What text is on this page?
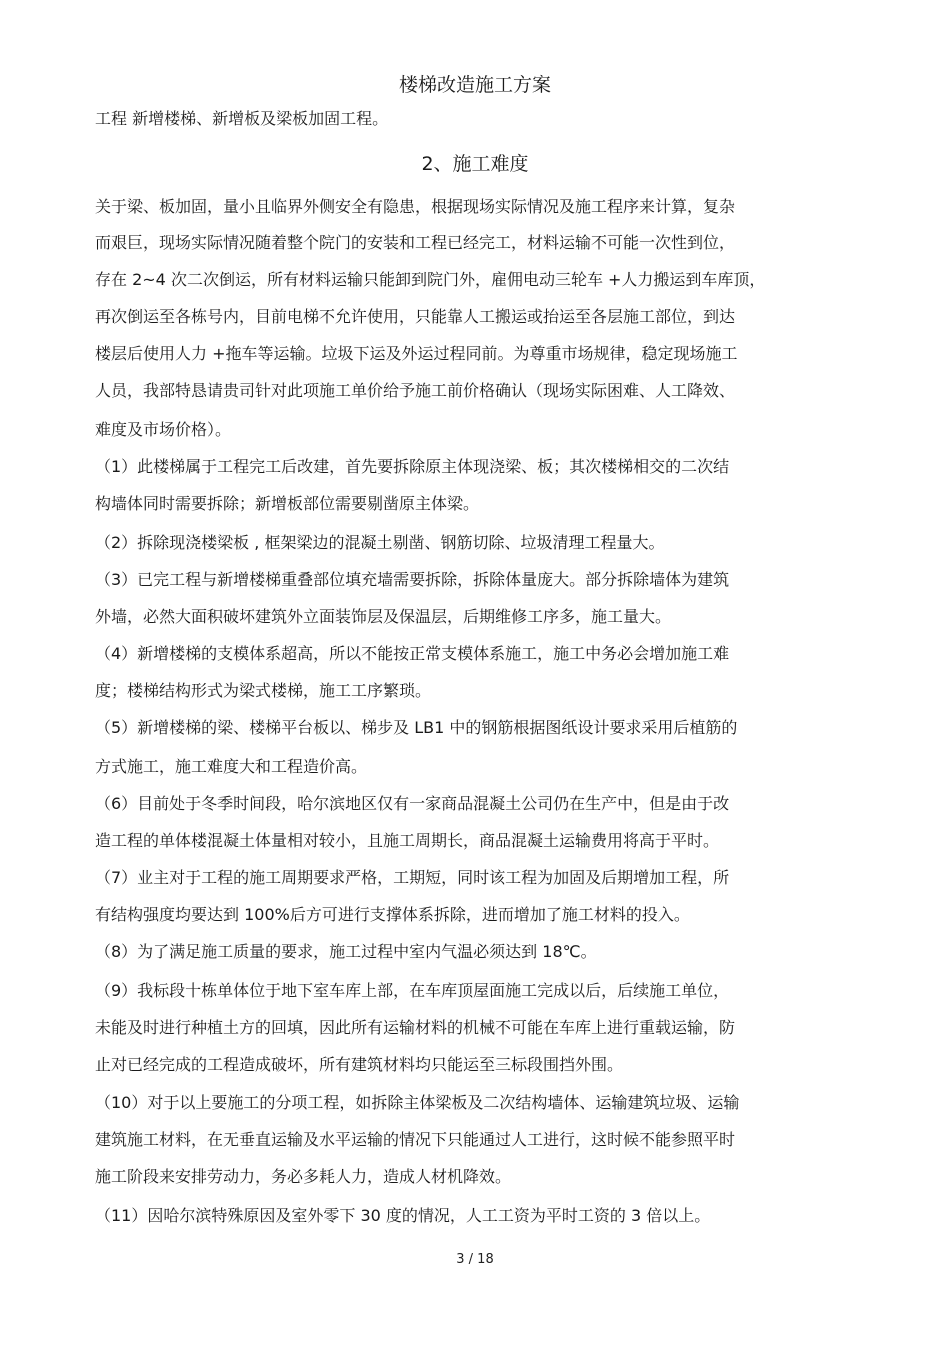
楼梯改造施工方案
工程 新增楼梯、新增板及梁板加固工程。
2、施工难度
关于梁、板加固，量小且临界外侧安全有隐患，根据现场实际情况及施工程序来计算，复杂
而艰巨，现场实际情况随着整个院门的安装和工程已经完工，材料运输不可能一次性到位，
存在 2~4 次二次倒运，所有材料运输只能卸到院门外，雇佣电动三轮车 +人力搬运到车库顶，
再次倒运至各栋号内，目前电梯不允许使用，只能靠人工搬运或抬运至各层施工部位，到达
楼层后使用人力 +拖车等运输。垃圾下运及外运过程同前。为尊重市场规律，稳定现场施工
人员，我部特恳请贵司针对此项施工单价给予施工前价格确认（现场实际困难、人工降效、
难度及市场价格）。
（1）此楼梯属于工程完工后改建，首先要拆除原主体现浇梁、板；其次楼梯相交的二次结
构墙体同时需要拆除；新增板部位需要剔凿原主体梁。
（2）拆除现浇楼梁板 , 框架梁边的混凝土剔凿、钢筋切除、垃圾清理工程量大。
（3）已完工程与新增楼梯重叠部位填充墙需要拆除，拆除体量庞大。部分拆除墙体为建筑
外墙，必然大面积破坏建筑外立面装饰层及保温层，后期维修工序多，施工量大。
（4）新增楼梯的支模体系超高，所以不能按正常支模体系施工，施工中务必会增加施工难
度；楼梯结构形式为梁式楼梯，施工工序繁琐。
（5）新增楼梯的梁、楼梯平台板以、梯步及 LB1 中的钢筋根据图纸设计要求采用后植筋的
方式施工，施工难度大和工程造价高。
（6）目前处于冬季时间段，哈尔滨地区仅有一家商品混凝土公司仍在生产中，但是由于改
造工程的单体楼混凝土体量相对较小，且施工周期长，商品混凝土运输费用将高于平时。
（7）业主对于工程的施工周期要求严格，工期短，同时该工程为加固及后期增加工程，所
有结构强度均要达到 100%后方可进行支撑体系拆除，进而增加了施工材料的投入。
（8）为了满足施工质量的要求，施工过程中室内气温必须达到 18℃。
（9）我标段十栋单体位于地下室车库上部，在车库顶屋面施工完成以后，后续施工单位，
未能及时进行种植土方的回填，因此所有运输材料的机械不可能在车库上进行重载运输，防
止对已经完成的工程造成破坏，所有建筑材料均只能运至三标段围挡外围。
（10）对于以上要施工的分项工程，如拆除主体梁板及二次结构墙体、运输建筑垃圾、运输
建筑施工材料，在无垂直运输及水平运输的情况下只能通过人工进行，这时候不能参照平时
施工阶段来安排劳动力，务必多耗人力，造成人材机降效。
（11）因哈尔滨特殊原因及室外零下 30 度的情况，人工工资为平时工资的 3 倍以上。
3 / 18
